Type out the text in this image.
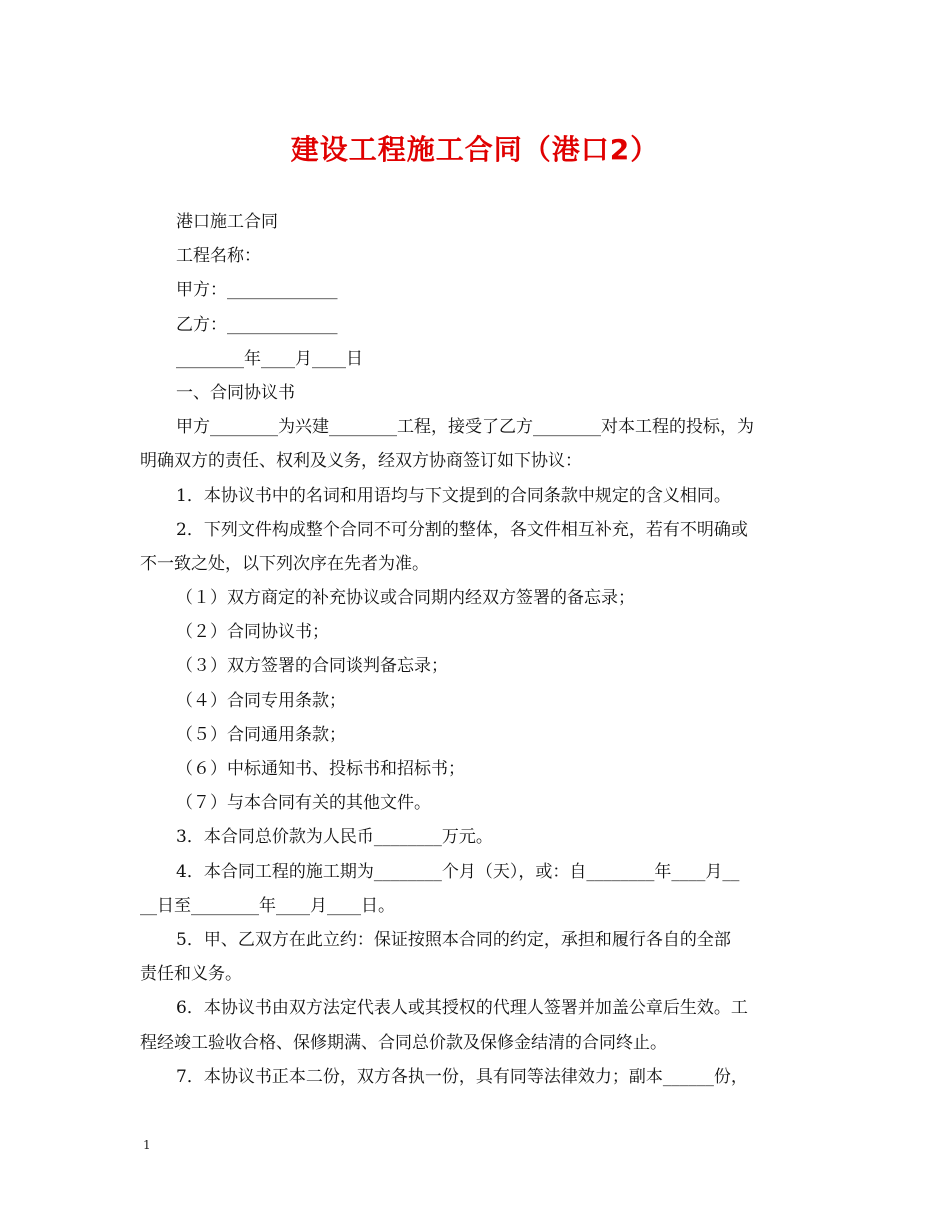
建设工程施工合同（港口2）
港口施工合同
工程名称：
甲方：_____________
乙方：_____________
________年____月____日
一、合同协议书
甲方________为兴建________工程，接受了乙方________对本工程的投标，为
明确双方的责任、权利及义务，经双方协商签订如下协议：
1．本协议书中的名词和用语均与下文提到的合同条款中规定的含义相同。
2．下列文件构成整个合同不可分割的整体，各文件相互补充，若有不明确或
不一致之处，以下列次序在先者为准。
（１）双方商定的补充协议或合同期内经双方签署的备忘录；
（２）合同协议书；
（３）双方签署的合同谈判备忘录；
（４）合同专用条款；
（５）合同通用条款；
（６）中标通知书、投标书和招标书；
（７）与本合同有关的其他文件。
3．本合同总价款为人民币________万元。
4．本合同工程的施工期为________个月（天），或：自________年____月__
__日至________年____月____日。
5．甲、乙双方在此立约：保证按照本合同的约定，承担和履行各自的全部
责任和义务。
6．本协议书由双方法定代表人或其授权的代理人签署并加盖公章后生效。工
程经竣工验收合格、保修期满、合同总价款及保修金结清的合同终止。
7．本协议书正本二份，双方各执一份，具有同等法律效力；副本______份，
1
